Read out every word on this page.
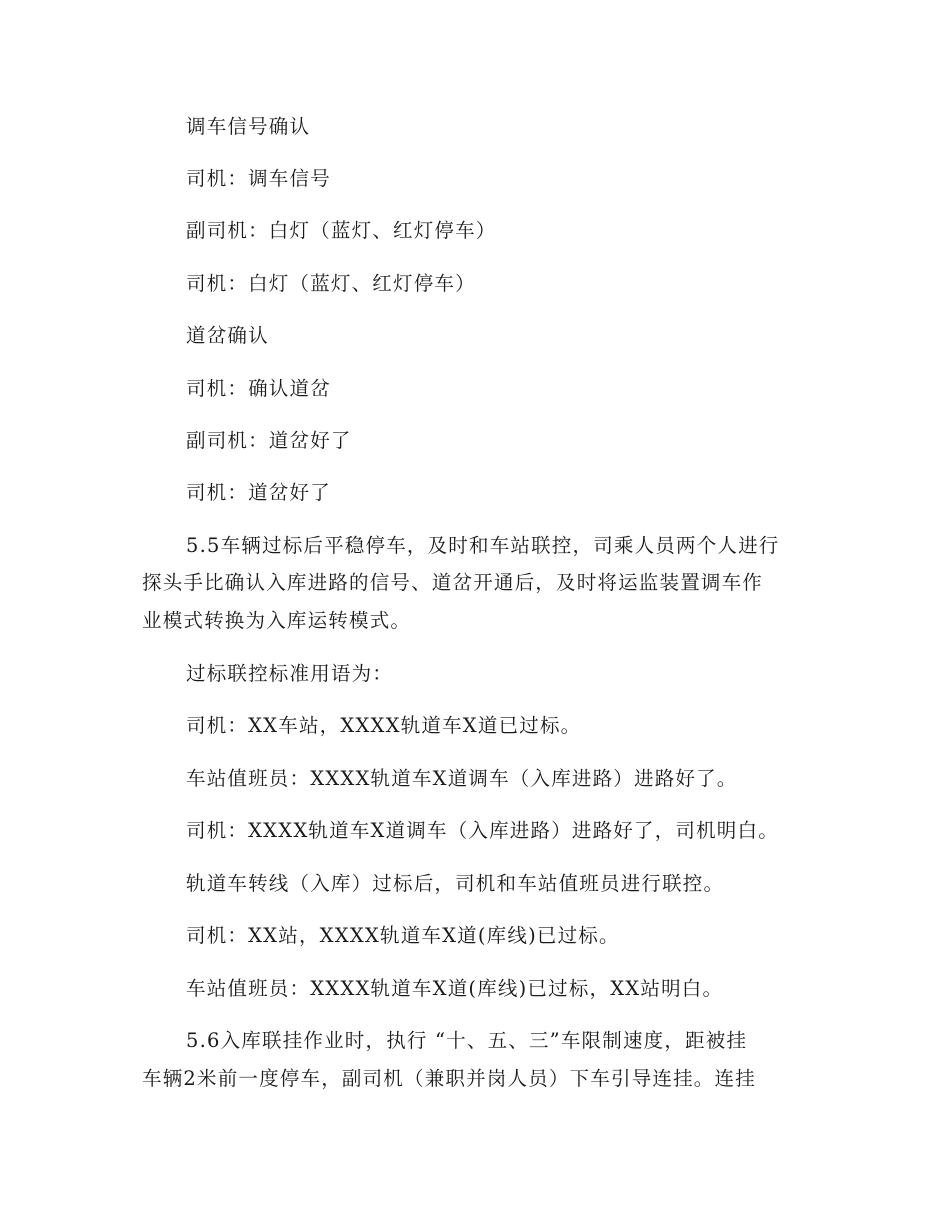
调车信号确认
司机：调车信号
副司机：白灯（蓝灯、红灯停车）
司机：白灯（蓝灯、红灯停车）
道岔确认
司机：确认道岔
副司机：道岔好了
司机：道岔好了
5.5车辆过标后平稳停车，及时和车站联控，司乘人员两个人进行
探头手比确认入库进路的信号、道岔开通后，及时将运监装置调车作
业模式转换为入库运转模式。
过标联控标准用语为：
司机：XX车站，XXXX轨道车X道已过标。
车站值班员：XXXX轨道车X道调车（入库进路）进路好了。
司机：XXXX轨道车X道调车（入库进路）进路好了，司机明白。
轨道车转线（入库）过标后，司机和车站值班员进行联控。
司机：XX站，XXXX轨道车X道(库线)已过标。
车站值班员：XXXX轨道车X道(库线)已过标，XX站明白。
5.6入库联挂作业时，执行 “十、五、三”车限制速度，距被挂
车辆2米前一度停车，副司机（兼职并岗人员）下车引导连挂。连挂
